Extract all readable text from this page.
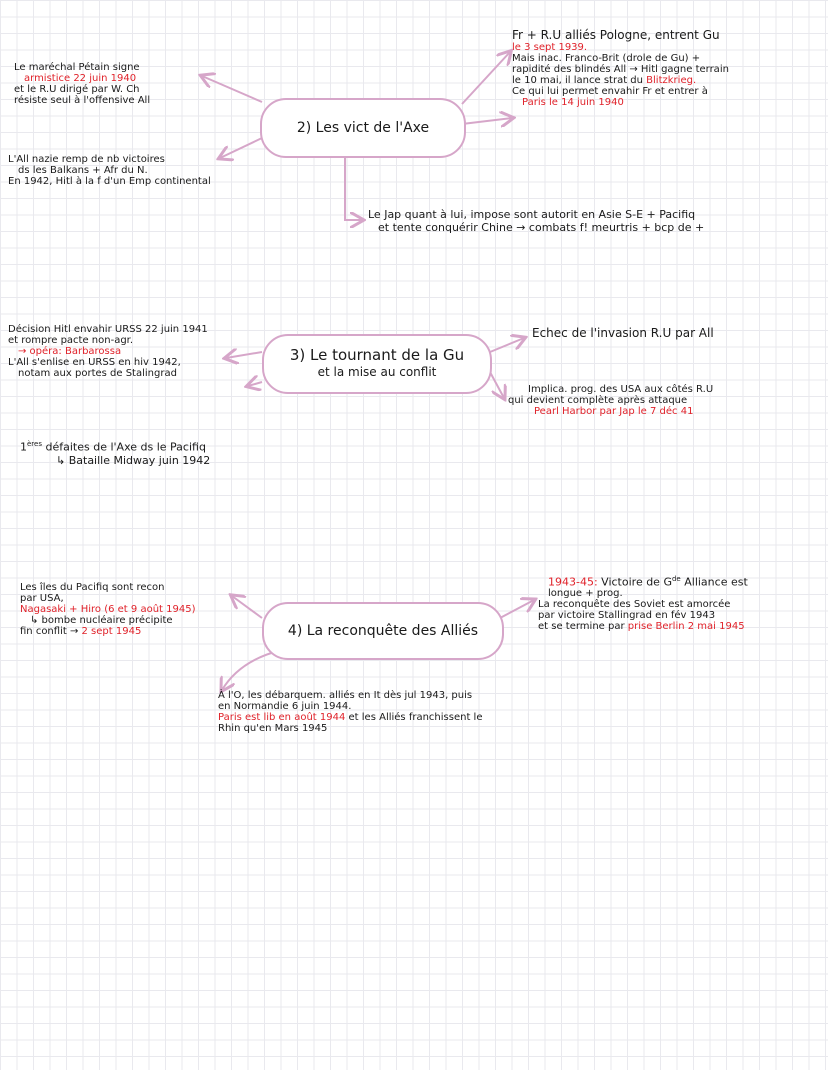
2) Les vict de l'Axe
Le maréchal Pétain signe
armistice 22 juin 1940
et le R.U dirigé par W. Ch
résiste seul à l'offensive All
L'All nazie remp de nb victoires
ds les Balkans + Afr du N.
En 1942, Hitl à la f d'un Emp continental
Fr + R.U alliés Pologne, entrent Gu
le 3 sept 1939.
Mais inac. Franco-Brit (drole de Gu) +
rapidité des blindés All → Hitl gagne terrain
le 10 mai, il lance strat du Blitzkrieg.
Ce qui lui permet envahir Fr et entrer à
Paris le 14 juin 1940
Le Jap quant à lui, impose sont autorit en Asie S-E + Pacifiq
et tente conquérir Chine → combats f! meurtris + bcp de +
3) Le tournant de la Gu
et la mise au conflit
Décision Hitl envahir URSS 22 juin 1941
et rompre pacte non-agr.
→ opéra: Barbarossa
L'All s'enlise en URSS en hiv 1942,
notam aux portes de Stalingrad
1ères défaites de l'Axe ds le Pacifiq
↳ Bataille Midway juin 1942
Echec de l'invasion R.U par All
Implica. prog. des USA aux côtés R.U
qui devient complète après attaque
Pearl Harbor par Jap le 7 déc 41
4) La reconquête des Alliés
Les îles du Pacifiq sont recon
par USA,
Nagasaki + Hiro (6 et 9 août 1945)
↳ bombe nucléaire précipite
fin conflit → 2 sept 1945
1943-45: Victoire de $G^{de}$ Alliance est
longue + prog.
La reconquête des Soviet est amorcée
par victoire Stallingrad en fév 1943
et se termine par prise Berlin 2 mai 1945
À l'O, les débarquem. alliés en It dès jul 1943, puis
en Normandie 6 juin 1944.
Paris est lib en août 1944 et les Alliés franchissent le
Rhin qu'en Mars 1945
